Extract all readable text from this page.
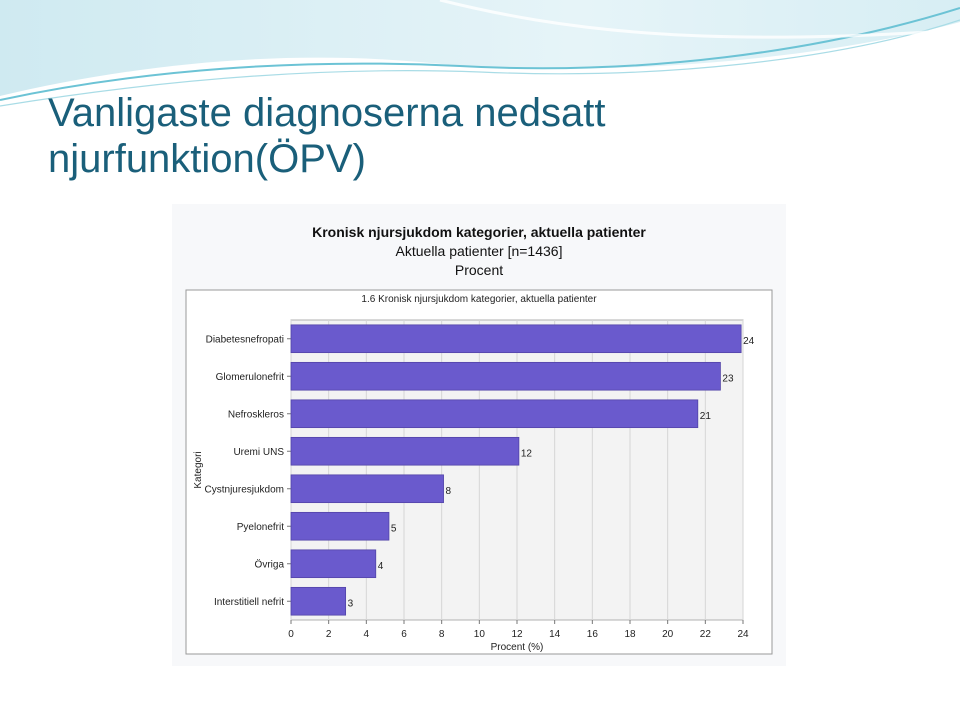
Vanligaste diagnoserna nedsatt
njurfunktion(ÖPV)
Kronisk njursjukdom kategorier, aktuella patienter
Aktuella patienter [n=1436]
Procent
1.6 Kronisk njursjukdom kategorier, aktuella patienter
0	2	4	6	8	10	12	14	16	18	20	22	24
Procent (%)
Kategori
Diabetesnefropati	24
Glomerulonefrit	23
Nefroskleros	21
Uremi UNS	12
Cystnjuresjukdom	8
Pyelonefrit	5
Övriga	4
Interstitiell nefrit	3
